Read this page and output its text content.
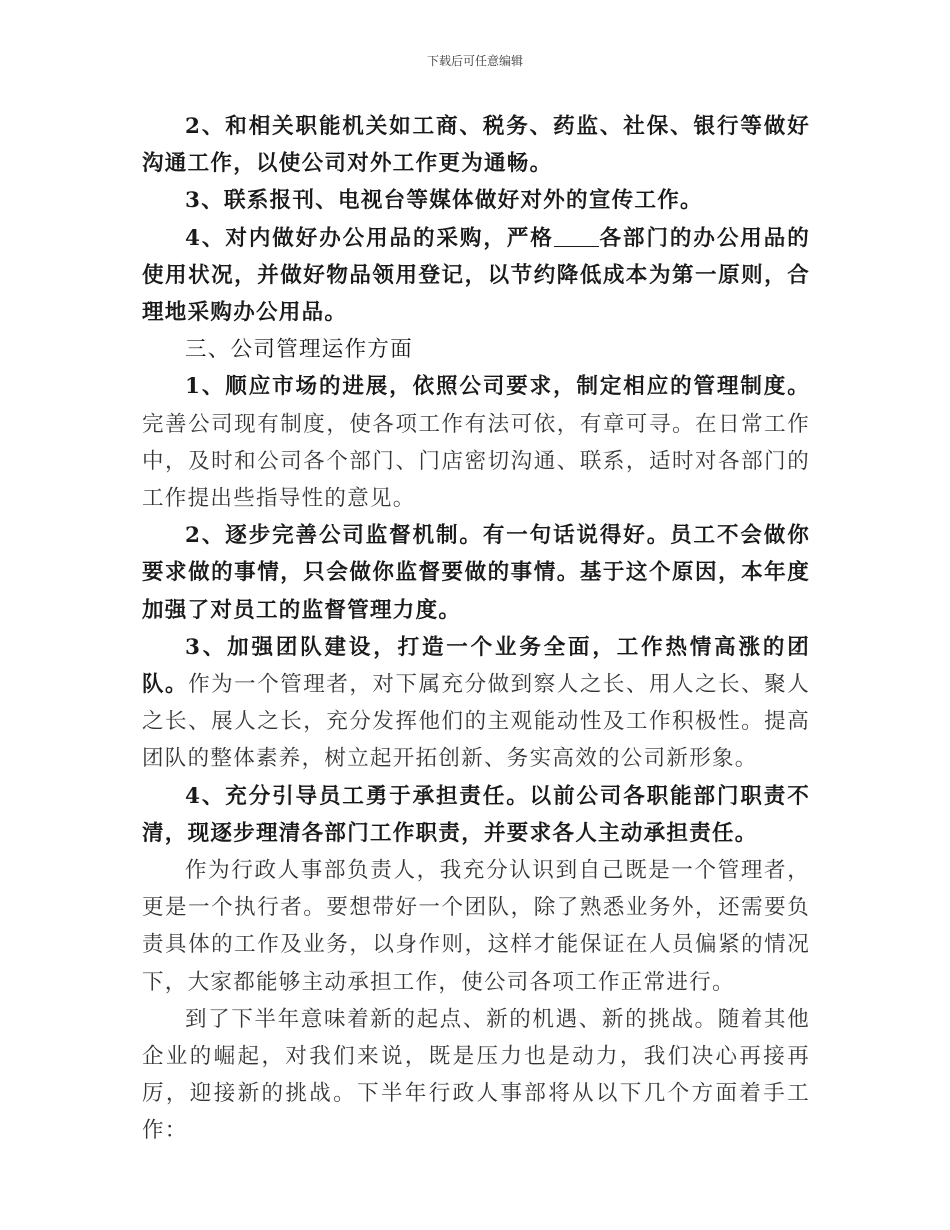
下载后可任意编辑

2、和相关职能机关如工商、税务、药监、社保、银行等做好沟通工作，以使公司对外工作更为通畅。

3、联系报刊、电视台等媒体做好对外的宣传工作。

4、对内做好办公用品的采购，严格 各部门的办公用品的使用状况，并做好物品领用登记，以节约降低成本为第一原则，合理地采购办公用品。

三、公司管理运作方面

1、顺应市场的进展，依照公司要求，制定相应的管理制度。完善公司现有制度，使各项工作有法可依，有章可寻。在日常工作中，及时和公司各个部门、门店密切沟通、联系，适时对各部门的工作提出些指导性的意见。

2、逐步完善公司监督机制。有一句话说得好。员工不会做你要求做的事情，只会做你监督要做的事情。基于这个原因，本年度加强了对员工的监督管理力度。

3、加强团队建设，打造一个业务全面，工作热情高涨的团队。作为一个管理者，对下属充分做到察人之长、用人之长、聚人之长、展人之长，充分发挥他们的主观能动性及工作积极性。提高团队的整体素养，树立起开拓创新、务实高效的公司新形象。

4、充分引导员工勇于承担责任。以前公司各职能部门职责不清，现逐步理清各部门工作职责，并要求各人主动承担责任。

作为行政人事部负责人，我充分认识到自己既是一个管理者，更是一个执行者。要想带好一个团队，除了熟悉业务外，还需要负责具体的工作及业务，以身作则，这样才能保证在人员偏紧的情况下，大家都能够主动承担工作，使公司各项工作正常进行。

到了下半年意味着新的起点、新的机遇、新的挑战。随着其他企业的崛起，对我们来说，既是压力也是动力，我们决心再接再厉，迎接新的挑战。下半年行政人事部将从以下几个方面着手工作：
